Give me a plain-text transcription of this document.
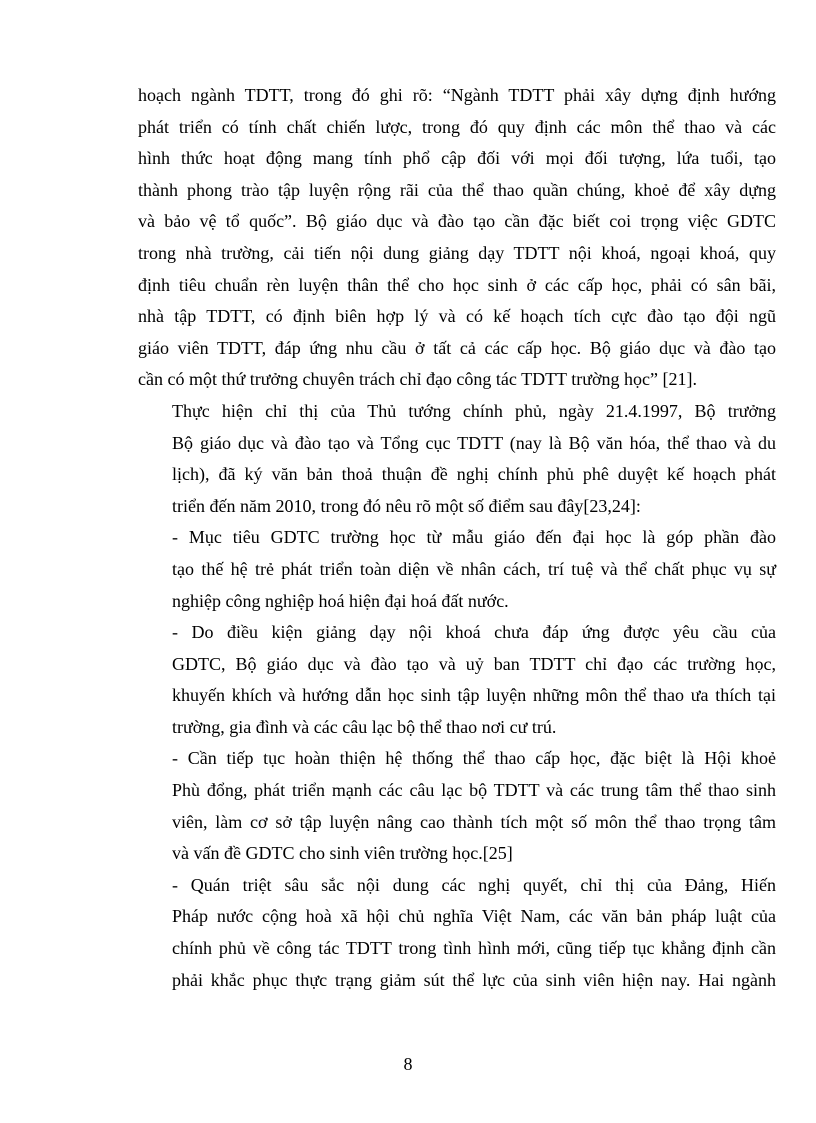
hoạch ngành TDTT, trong đó ghi rõ: “Ngành TDTT phải xây dựng định hướng
phát triển có tính chất chiến lược, trong đó quy định các môn thể thao và các
hình thức hoạt động mang tính phổ cập đối với mọi đối tượng, lứa tuổi, tạo
thành phong trào tập luyện rộng rãi của thể thao quần chúng, khoẻ để xây dựng
và bảo vệ tổ quốc”. Bộ giáo dục và đào tạo cần đặc biết coi trọng việc GDTC
trong nhà trường, cải tiến nội dung giảng dạy TDTT nội khoá, ngoại khoá, quy
định tiêu chuẩn rèn luyện thân thể cho học sinh ở các cấp học, phải có sân bãi,
nhà tập TDTT, có định biên hợp lý và có kế hoạch tích cực đào tạo đội ngũ
giáo viên TDTT, đáp ứng nhu cầu ở tất cả các cấp học. Bộ giáo dục và đào tạo
cần có một thứ trưởng chuyên trách chỉ đạo công tác TDTT trường học” [21].
Thực hiện chỉ thị của Thủ tướng chính phủ, ngày 21.4.1997, Bộ trưởng
Bộ giáo dục và đào tạo và Tổng cục TDTT (nay là Bộ văn hóa, thể thao và du
lịch), đã ký văn bản thoả thuận đề nghị chính phủ phê duyệt kế hoạch phát
triển đến năm 2010, trong đó nêu rõ một số điểm sau đây[23,24]:
- Mục tiêu GDTC trường học từ mẫu giáo đến đại học là góp phần đào
tạo thế hệ trẻ phát triển toàn diện về nhân cách, trí tuệ và thể chất phục vụ sự
nghiệp công nghiệp hoá hiện đại hoá đất nước.
- Do điều kiện giảng dạy nội khoá chưa đáp ứng được yêu cầu của
GDTC, Bộ giáo dục và đào tạo và uỷ ban TDTT chỉ đạo các trường học,
khuyến khích và hướng dẫn học sinh tập luyện những môn thể thao ưa thích tại
trường, gia đình và các câu lạc bộ thể thao nơi cư trú.
- Cần tiếp tục hoàn thiện hệ thống thể thao cấp học, đặc biệt là Hội khoẻ
Phù đổng, phát triển mạnh các câu lạc bộ TDTT và các trung tâm thể thao sinh
viên, làm cơ sở tập luyện nâng cao thành tích một số môn thể thao trọng tâm
và vấn đề GDTC cho sinh viên trường học.[25]
- Quán triệt sâu sắc nội dung các nghị quyết, chỉ thị của Đảng, Hiến
Pháp nước cộng hoà xã hội chủ nghĩa Việt Nam, các văn bản pháp luật của
chính phủ về công tác TDTT trong tình hình mới, cũng tiếp tục khẳng định cần
phải khắc phục thực trạng giảm sút thể lực của sinh viên hiện nay. Hai ngành
8
